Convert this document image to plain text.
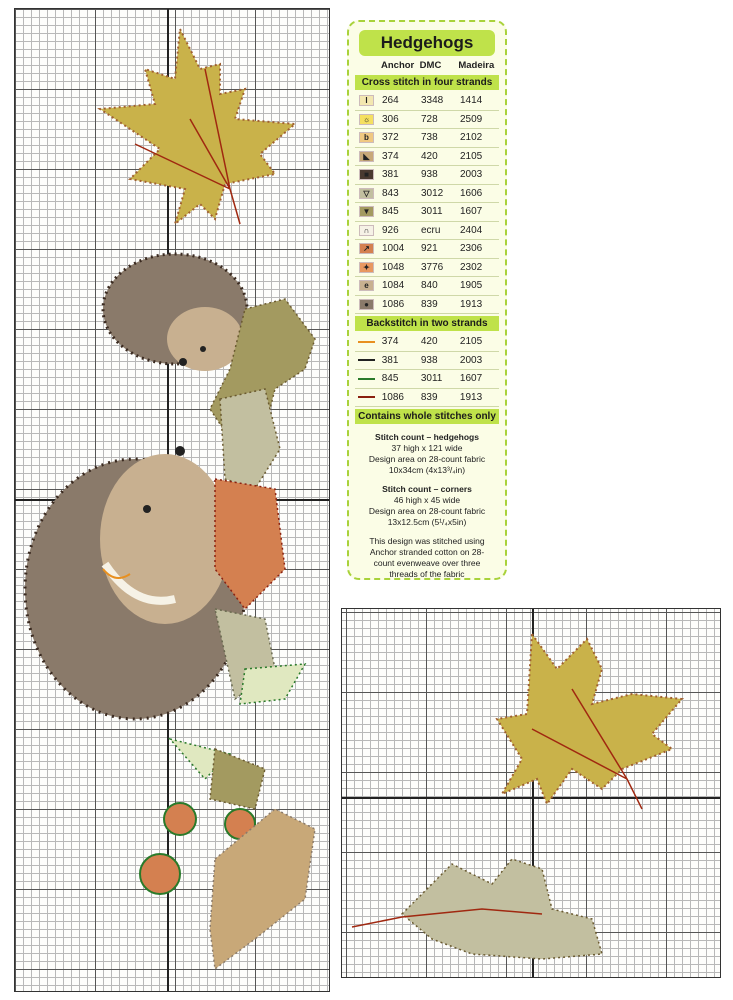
Hedgehogs
Anchor DMC	Madeira
Cross stitch in four strands
I	264	3348	1414
☼	306	728	2509
b	372	738	2102
◣	374	420	2105
■	381	938	2003
▽	843	3012	1606
▼	845	3011	1607
∩	926	ecru	2404
↗	1004	921	2306
✦	1048	3776	2302
e	1084	840	1905
●	1086	839	1913
Backstitch in two strands
374	420	2105
381	938	2003
845	3011	1607
1086	839	1913
Contains whole stitches only
Stitch count – hedgehogs
37 high x 121 wide
Design area on 28-count fabric
10x34cm (4x13³/₄in)
Stitch count – corners
46 high x 45 wide
Design area on 28-count fabric
13x12.5cm (5¹/₄x5in)
This design was stitched using Anchor stranded cotton on 28-count evenweave over three threads of the fabric
